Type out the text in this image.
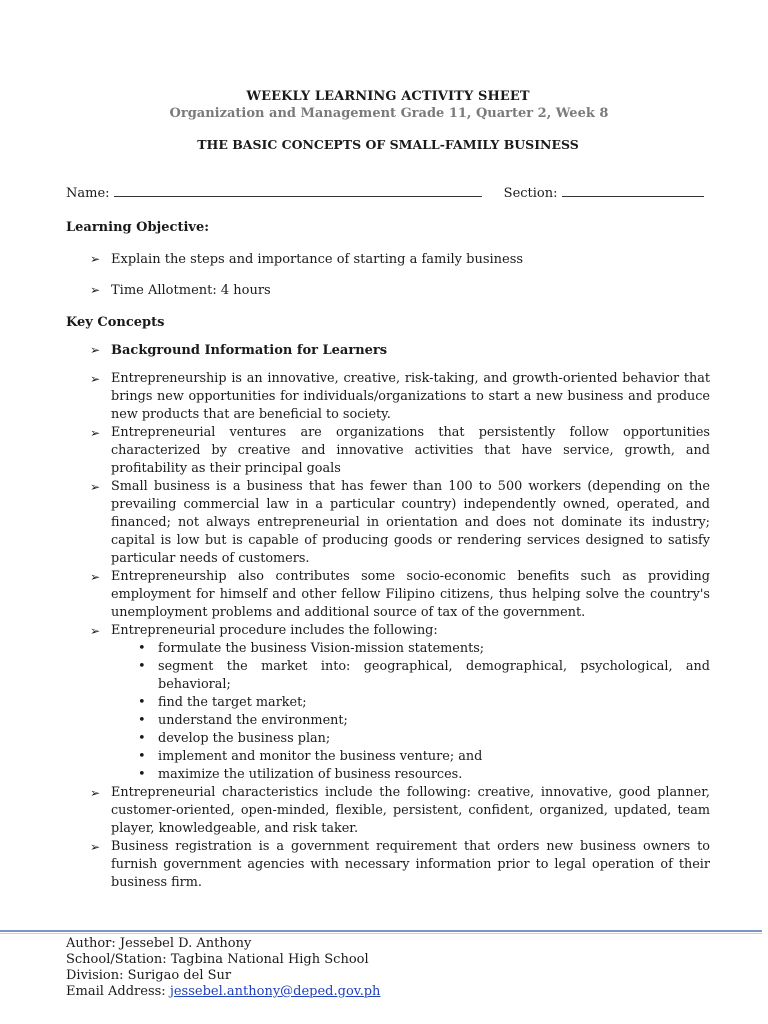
WEEKLY LEARNING ACTIVITY SHEET
Organization and Management Grade 11, Quarter 2, Week 8
THE BASIC CONCEPTS OF SMALL-FAMILY BUSINESS
Name:	Section:
Learning Objective:
➢ Explain the steps and importance of starting a family business
➢ Time Allotment: 4 hours
Key Concepts
➢ Background Information for Learners
➢ Entrepreneurship is an innovative, creative, risk-taking, and growth-oriented behavior that brings new opportunities for individuals/organizations to start a new business and produce new products that are beneficial to society.
➢ Entrepreneurial ventures are organizations that persistently follow opportunities characterized by creative and innovative activities that have service, growth, and profitability as their principal goals
➢ Small business is a business that has fewer than 100 to 500 workers (depending on the prevailing commercial law in a particular country) independently owned, operated, and financed; not always entrepreneurial in orientation and does not dominate its industry; capital is low but is capable of producing goods or rendering services designed to satisfy particular needs of customers.
➢ Entrepreneurship also contributes some socio-economic benefits such as providing employment for himself and other fellow Filipino citizens, thus helping solve the country's unemployment problems and additional source of tax of the government.
➢ Entrepreneurial procedure includes the following:
• formulate the business Vision-mission statements;
• segment the market into: geographical, demographical, psychological, and behavioral;
• find the target market;
• understand the environment;
• develop the business plan;
• implement and monitor the business venture; and
• maximize the utilization of business resources.
➢ Entrepreneurial characteristics include the following: creative, innovative, good planner, customer-oriented, open-minded, flexible, persistent, confident, organized, updated, team player, knowledgeable, and risk taker.
➢ Business registration is a government requirement that orders new business owners to furnish government agencies with necessary information prior to legal operation of their business firm.
Author: Jessebel D. Anthony
School/Station: Tagbina National High School
Division: Surigao del Sur
Email Address: jessebel.anthony@deped.gov.ph
